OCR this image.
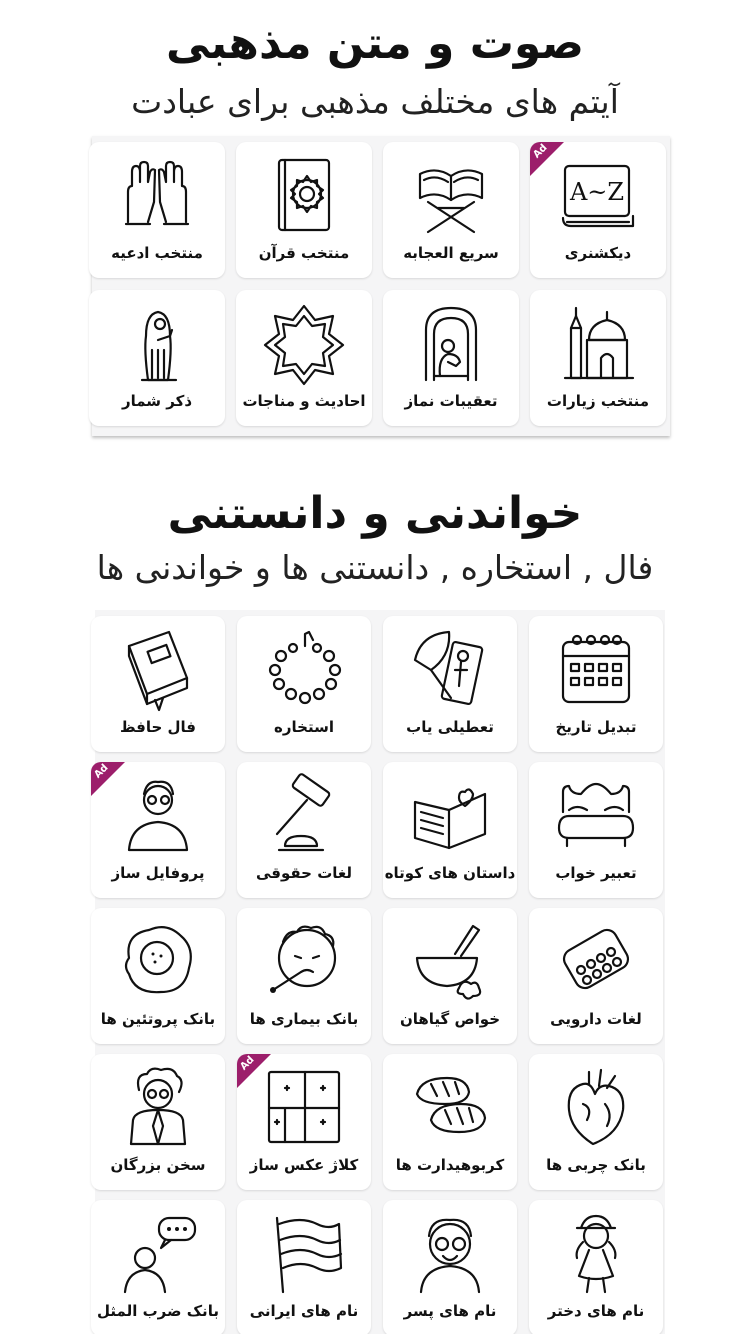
صوت و متن مذهبی
آیتم های مختلف مذهبی برای عبادت
A~Z
دیکشنری
Ad
سریع العجابه
منتخب قرآن
منتخب ادعیه
منتخب زیارات
تعقیبات نماز
احادیث و مناجات
ذکر شمار
خواندنی و دانستنی
فال , استخاره , دانستنی ها و خواندنی ها
تبدیل تاریخ
تعطیلی یاب
استخاره
فال حافظ
تعبیر خواب
داستان های کوتاه
لغات حقوقی
پروفایل ساز
Ad
لغات دارویی
خواص گیاهان
بانک بیماری ها
بانک پروتئین ها
بانک چربی ها
کربوهیدارت ها
کلاژ عکس ساز
Ad
سخن بزرگان
نام های دختر
نام های پسر
نام های ایرانی
بانک ضرب المثل
